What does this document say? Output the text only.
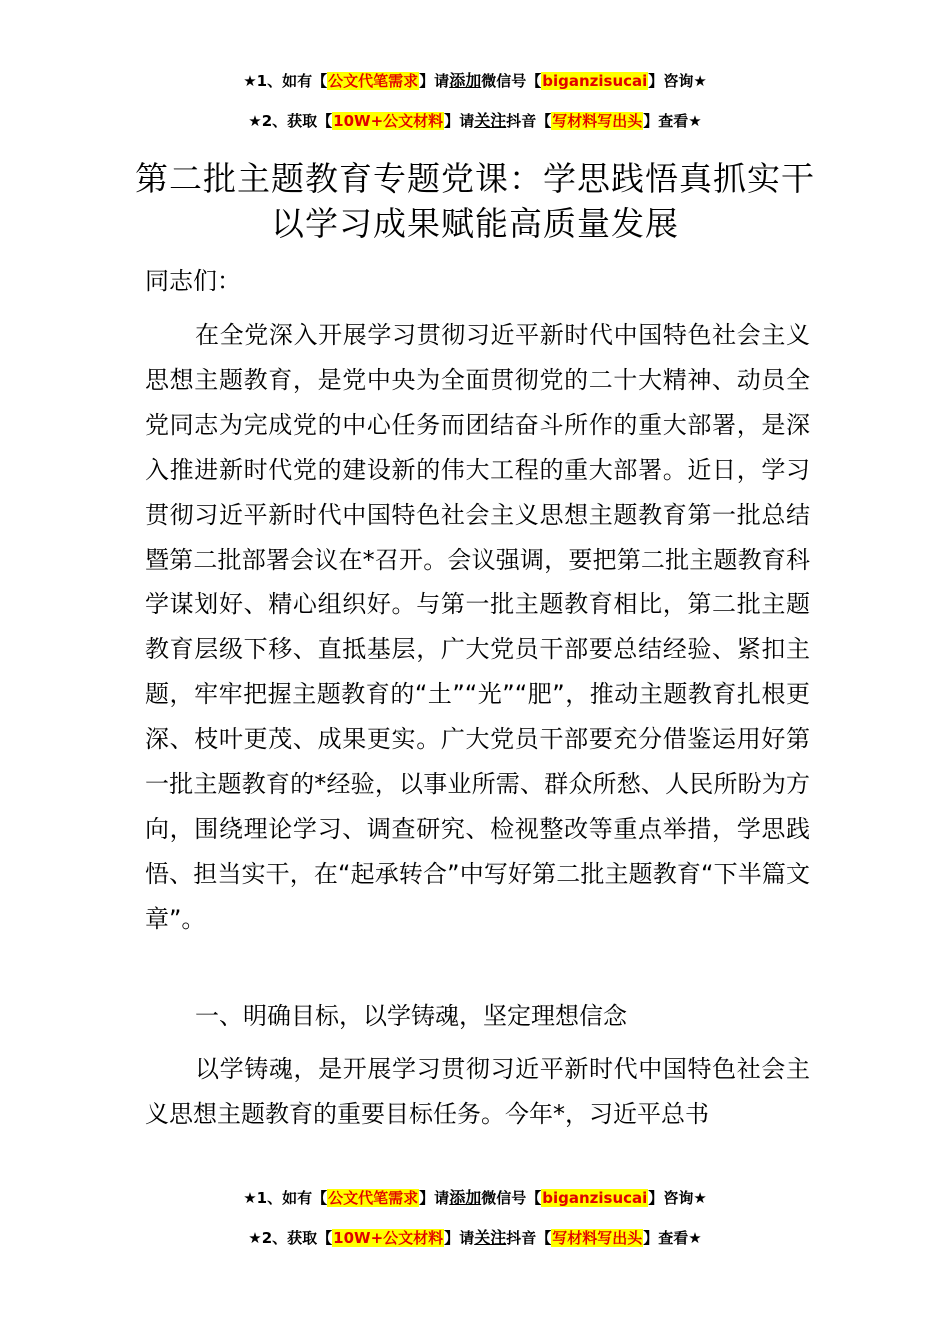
★1、如有【公文代笔需求】请添加微信号【biganzisucai】咨询★
★2、获取【10W+公文材料】请关注抖音【写材料写出头】查看★
第二批主题教育专题党课：学思践悟真抓实干以学习成果赋能高质量发展
同志们：
在全党深入开展学习贯彻习近平新时代中国特色社会主义思想主题教育，是党中央为全面贯彻党的二十大精神、动员全党同志为完成党的中心任务而团结奋斗所作的重大部署，是深入推进新时代党的建设新的伟大工程的重大部署。近日，学习贯彻习近平新时代中国特色社会主义思想主题教育第一批总结暨第二批部署会议在*召开。会议强调，要把第二批主题教育科学谋划好、精心组织好。与第一批主题教育相比，第二批主题教育层级下移、直抵基层，广大党员干部要总结经验、紧扣主题，牢牢把握主题教育的“土”“光”“肥”，推动主题教育扎根更深、枝叶更茂、成果更实。广大党员干部要充分借鉴运用好第一批主题教育的*经验，以事业所需、群众所愁、人民所盼为方向，围绕理论学习、调查研究、检视整改等重点举措，学思践悟、担当实干，在“起承转合”中写好第二批主题教育“下半篇文章”。
一、明确目标，以学铸魂，坚定理想信念
以学铸魂，是开展学习贯彻习近平新时代中国特色社会主义思想主题教育的重要目标任务。今年*，习近平总书
★1、如有【公文代笔需求】请添加微信号【biganzisucai】咨询★
★2、获取【10W+公文材料】请关注抖音【写材料写出头】查看★
